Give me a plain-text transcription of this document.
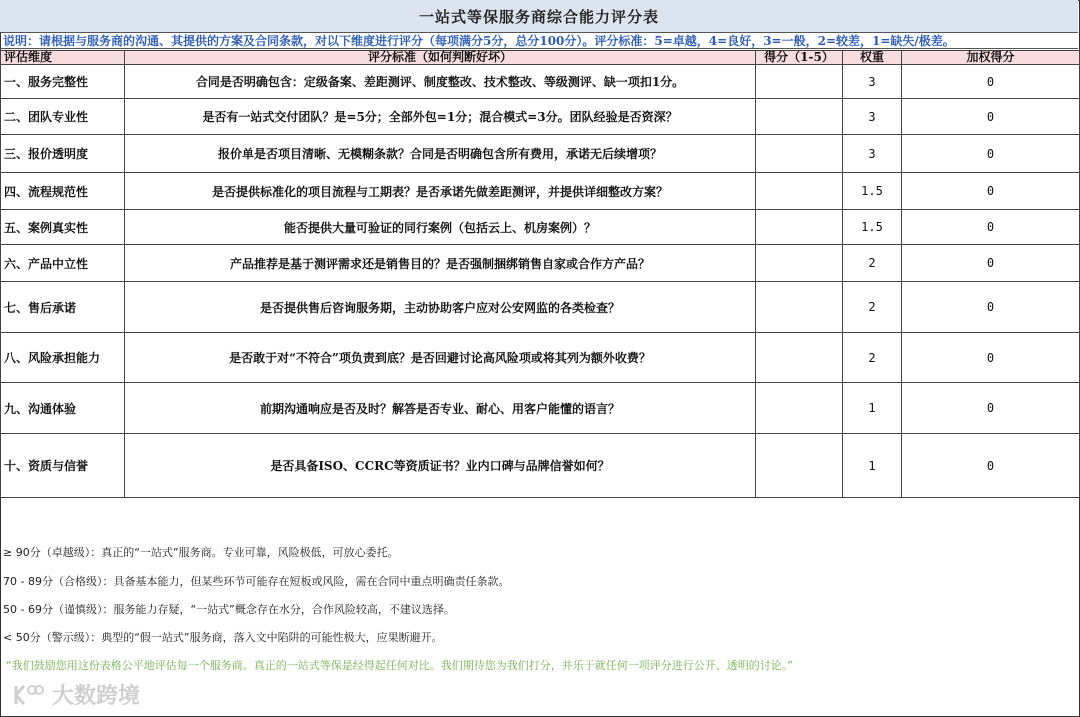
一站式等保服务商综合能力评分表
说明：请根据与服务商的沟通、其提供的方案及合同条款，对以下维度进行评分（每项满分5分，总分100分）。评分标准：5=卓越，4=良好，3=一般，2=较差，1=缺失/极差。
评估维度	评分标准（如何判断好坏）	得分（1-5）	权重	加权得分
一、服务完整性	合同是否明确包含：定级备案、差距测评、制度整改、技术整改、等级测评、缺一项扣1分。		3	0
二、团队专业性	是否有一站式交付团队？是=5分；全部外包=1分；混合模式=3分。团队经验是否资深？		3	0
三、报价透明度	报价单是否项目清晰、无模糊条款？合同是否明确包含所有费用，承诺无后续增项？		3	0
四、流程规范性	是否提供标准化的项目流程与工期表？是否承诺先做差距测评，并提供详细整改方案？		1.5	0
五、案例真实性	能否提供大量可验证的同行案例（包括云上、机房案例）？		1.5	0
六、产品中立性	产品推荐是基于测评需求还是销售目的？是否强制捆绑销售自家或合作方产品？		2	0
七、售后承诺	是否提供售后咨询服务期，主动协助客户应对公安网监的各类检查？		2	0
八、风险承担能力	是否敢于对“不符合”项负责到底？是否回避讨论高风险项或将其列为额外收费？		2	0
九、沟通体验	前期沟通响应是否及时？解答是否专业、耐心、用客户能懂的语言？		1	0
十、资质与信誉	是否具备ISO、CCRC等资质证书？业内口碑与品牌信誉如何？		1	0
≥ 90分（卓越级）：真正的“一站式”服务商。专业可靠，风险极低，可放心委托。
70 - 89分（合格级）：具备基本能力，但某些环节可能存在短板或风险，需在合同中重点明确责任条款。
50 - 69分（谨慎级）：服务能力存疑，“一站式”概念存在水分，合作风险较高，不建议选择。
< 50分（警示级）：典型的“假一站式”服务商，落入文中陷阱的可能性极大，应果断避开。
“我们鼓励您用这份表格公平地评估每一个服务商。真正的一站式等保是经得起任何对比。我们期待您为我们打分，并乐于就任何一项评分进行公开、透明的讨论。”
大数跨境
